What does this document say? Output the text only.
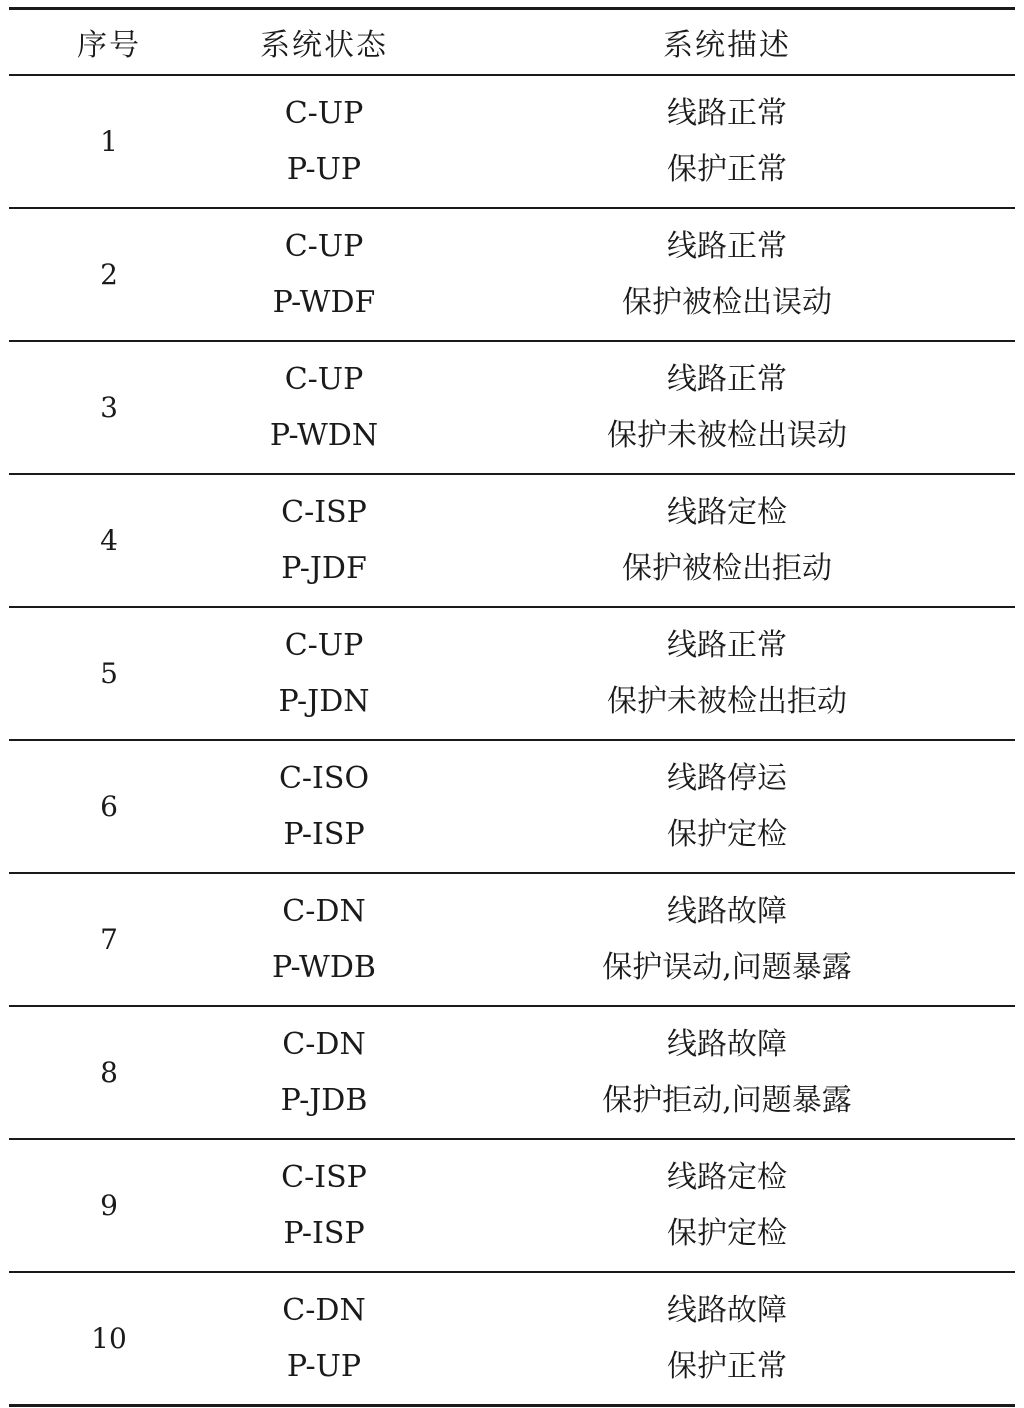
序号	系统状态	系统描述
1
C-UP
P-UP
线路正常
保护正常
2
C-UP
P-WDF
线路正常
保护被检出误动
3
C-UP
P-WDN
线路正常
保护未被检出误动
4
C-ISP
P-JDF
线路定检
保护被检出拒动
5
C-UP
P-JDN
线路正常
保护未被检出拒动
6
C-ISO
P-ISP
线路停运
保护定检
7
C-DN
P-WDB
线路故障
保护误动,问题暴露
8
C-DN
P-JDB
线路故障
保护拒动,问题暴露
9
C-ISP
P-ISP
线路定检
保护定检
10
C-DN
P-UP
线路故障
保护正常
